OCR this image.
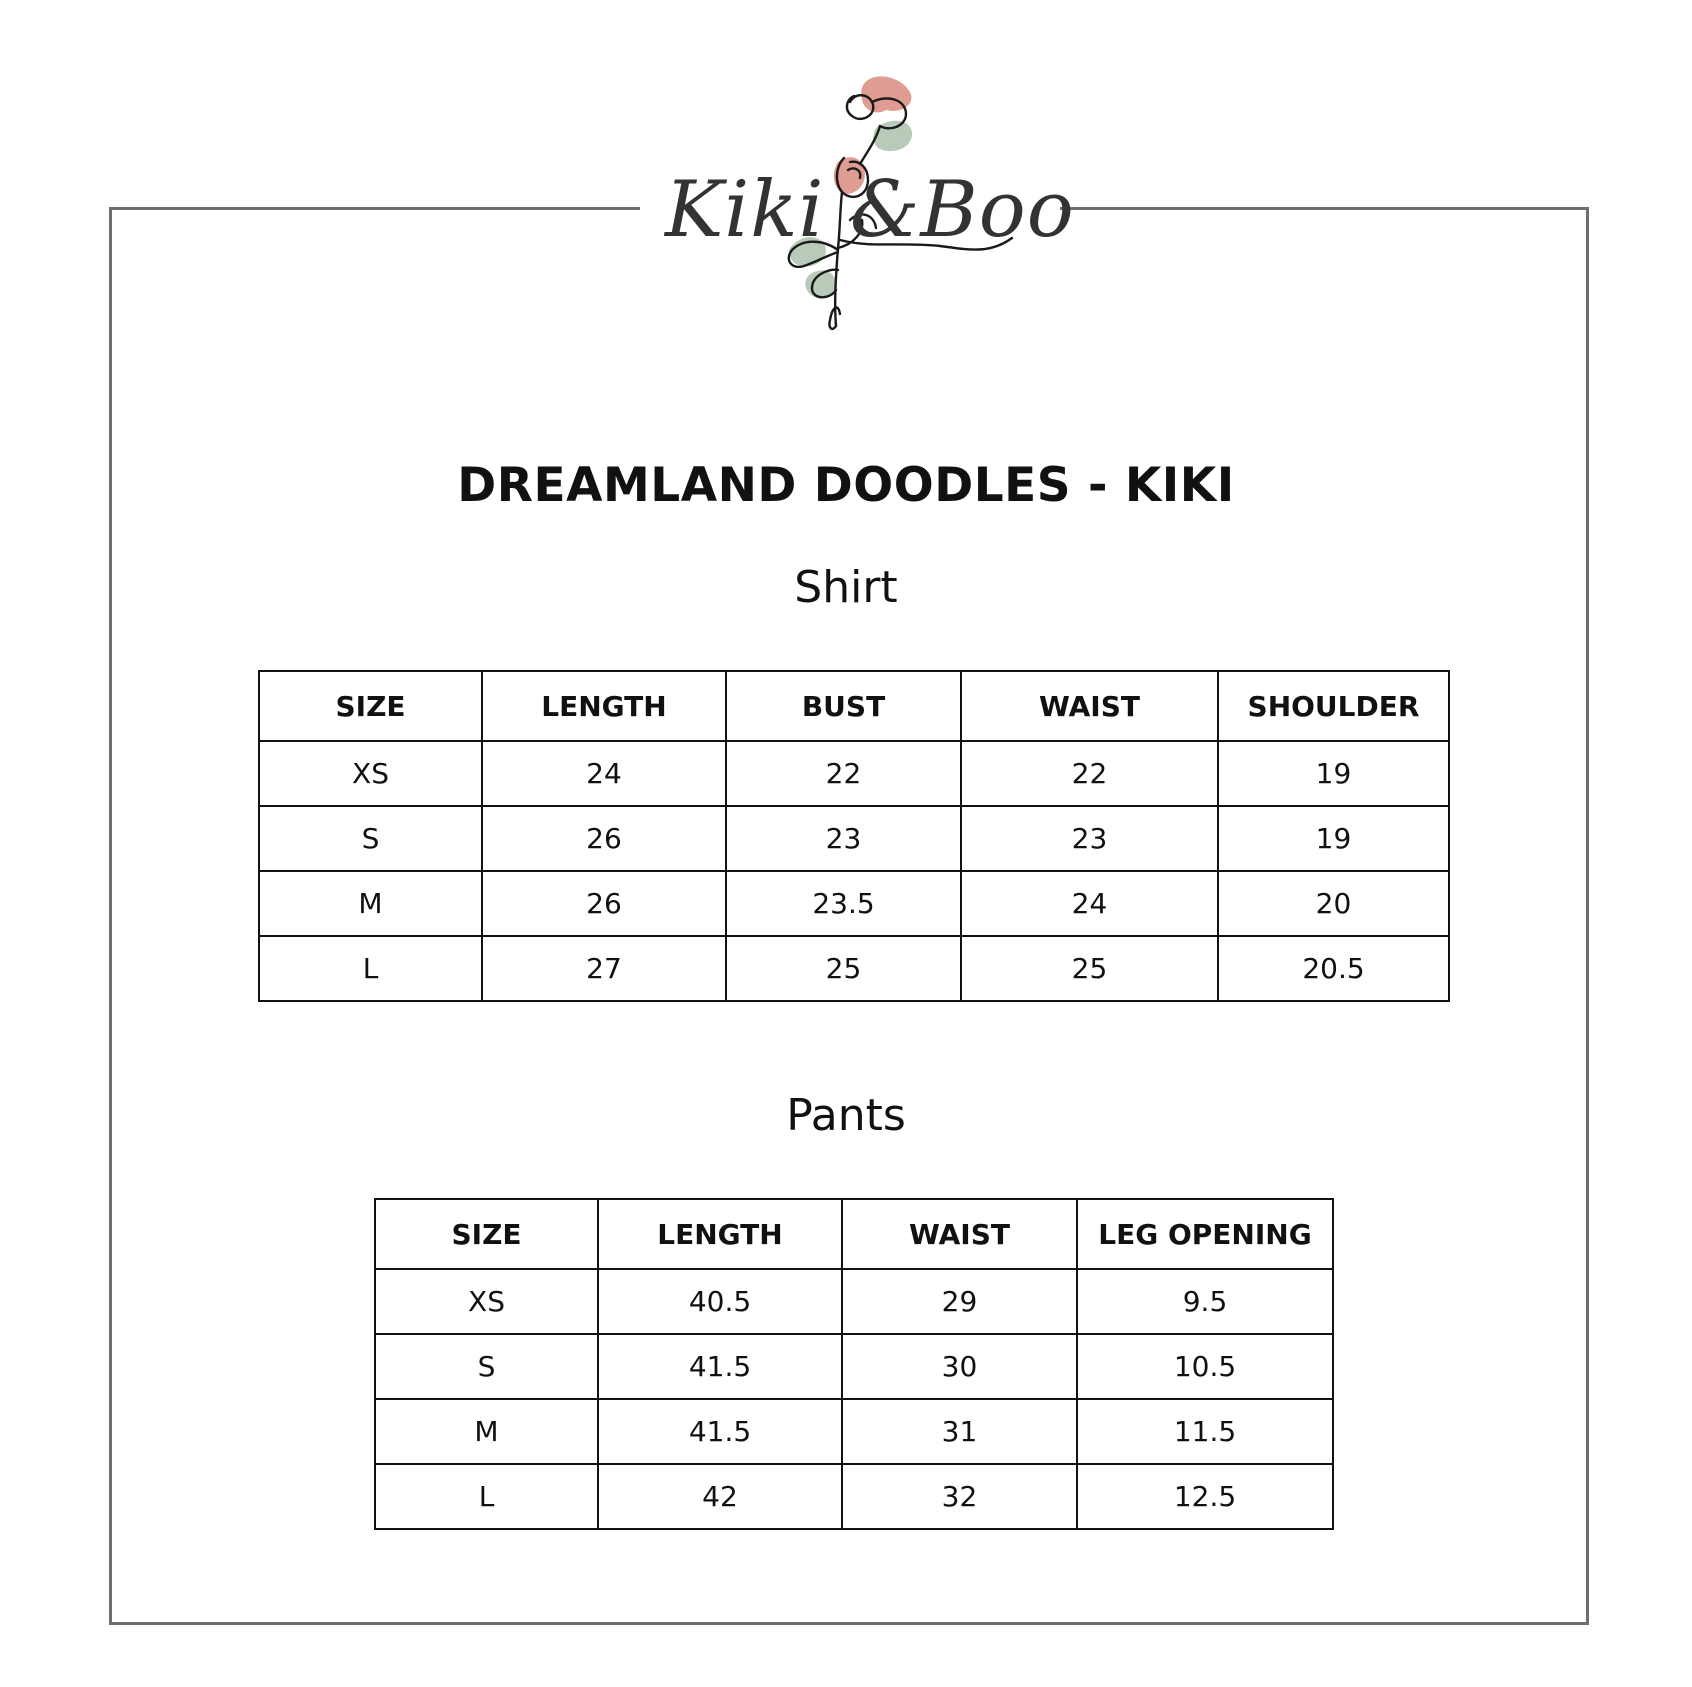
Kiki &Boo
DREAMLAND DOODLES - KIKI
Shirt
SIZE	LENGTH	BUST	WAIST	SHOULDER
XS	24	22	22	19
S	26	23	23	19
M	26	23.5	24	20
L	27	25	25	20.5
Pants
SIZE	LENGTH	WAIST	LEG OPENING
XS	40.5	29	9.5
S	41.5	30	10.5
M	41.5	31	11.5
L	42	32	12.5
